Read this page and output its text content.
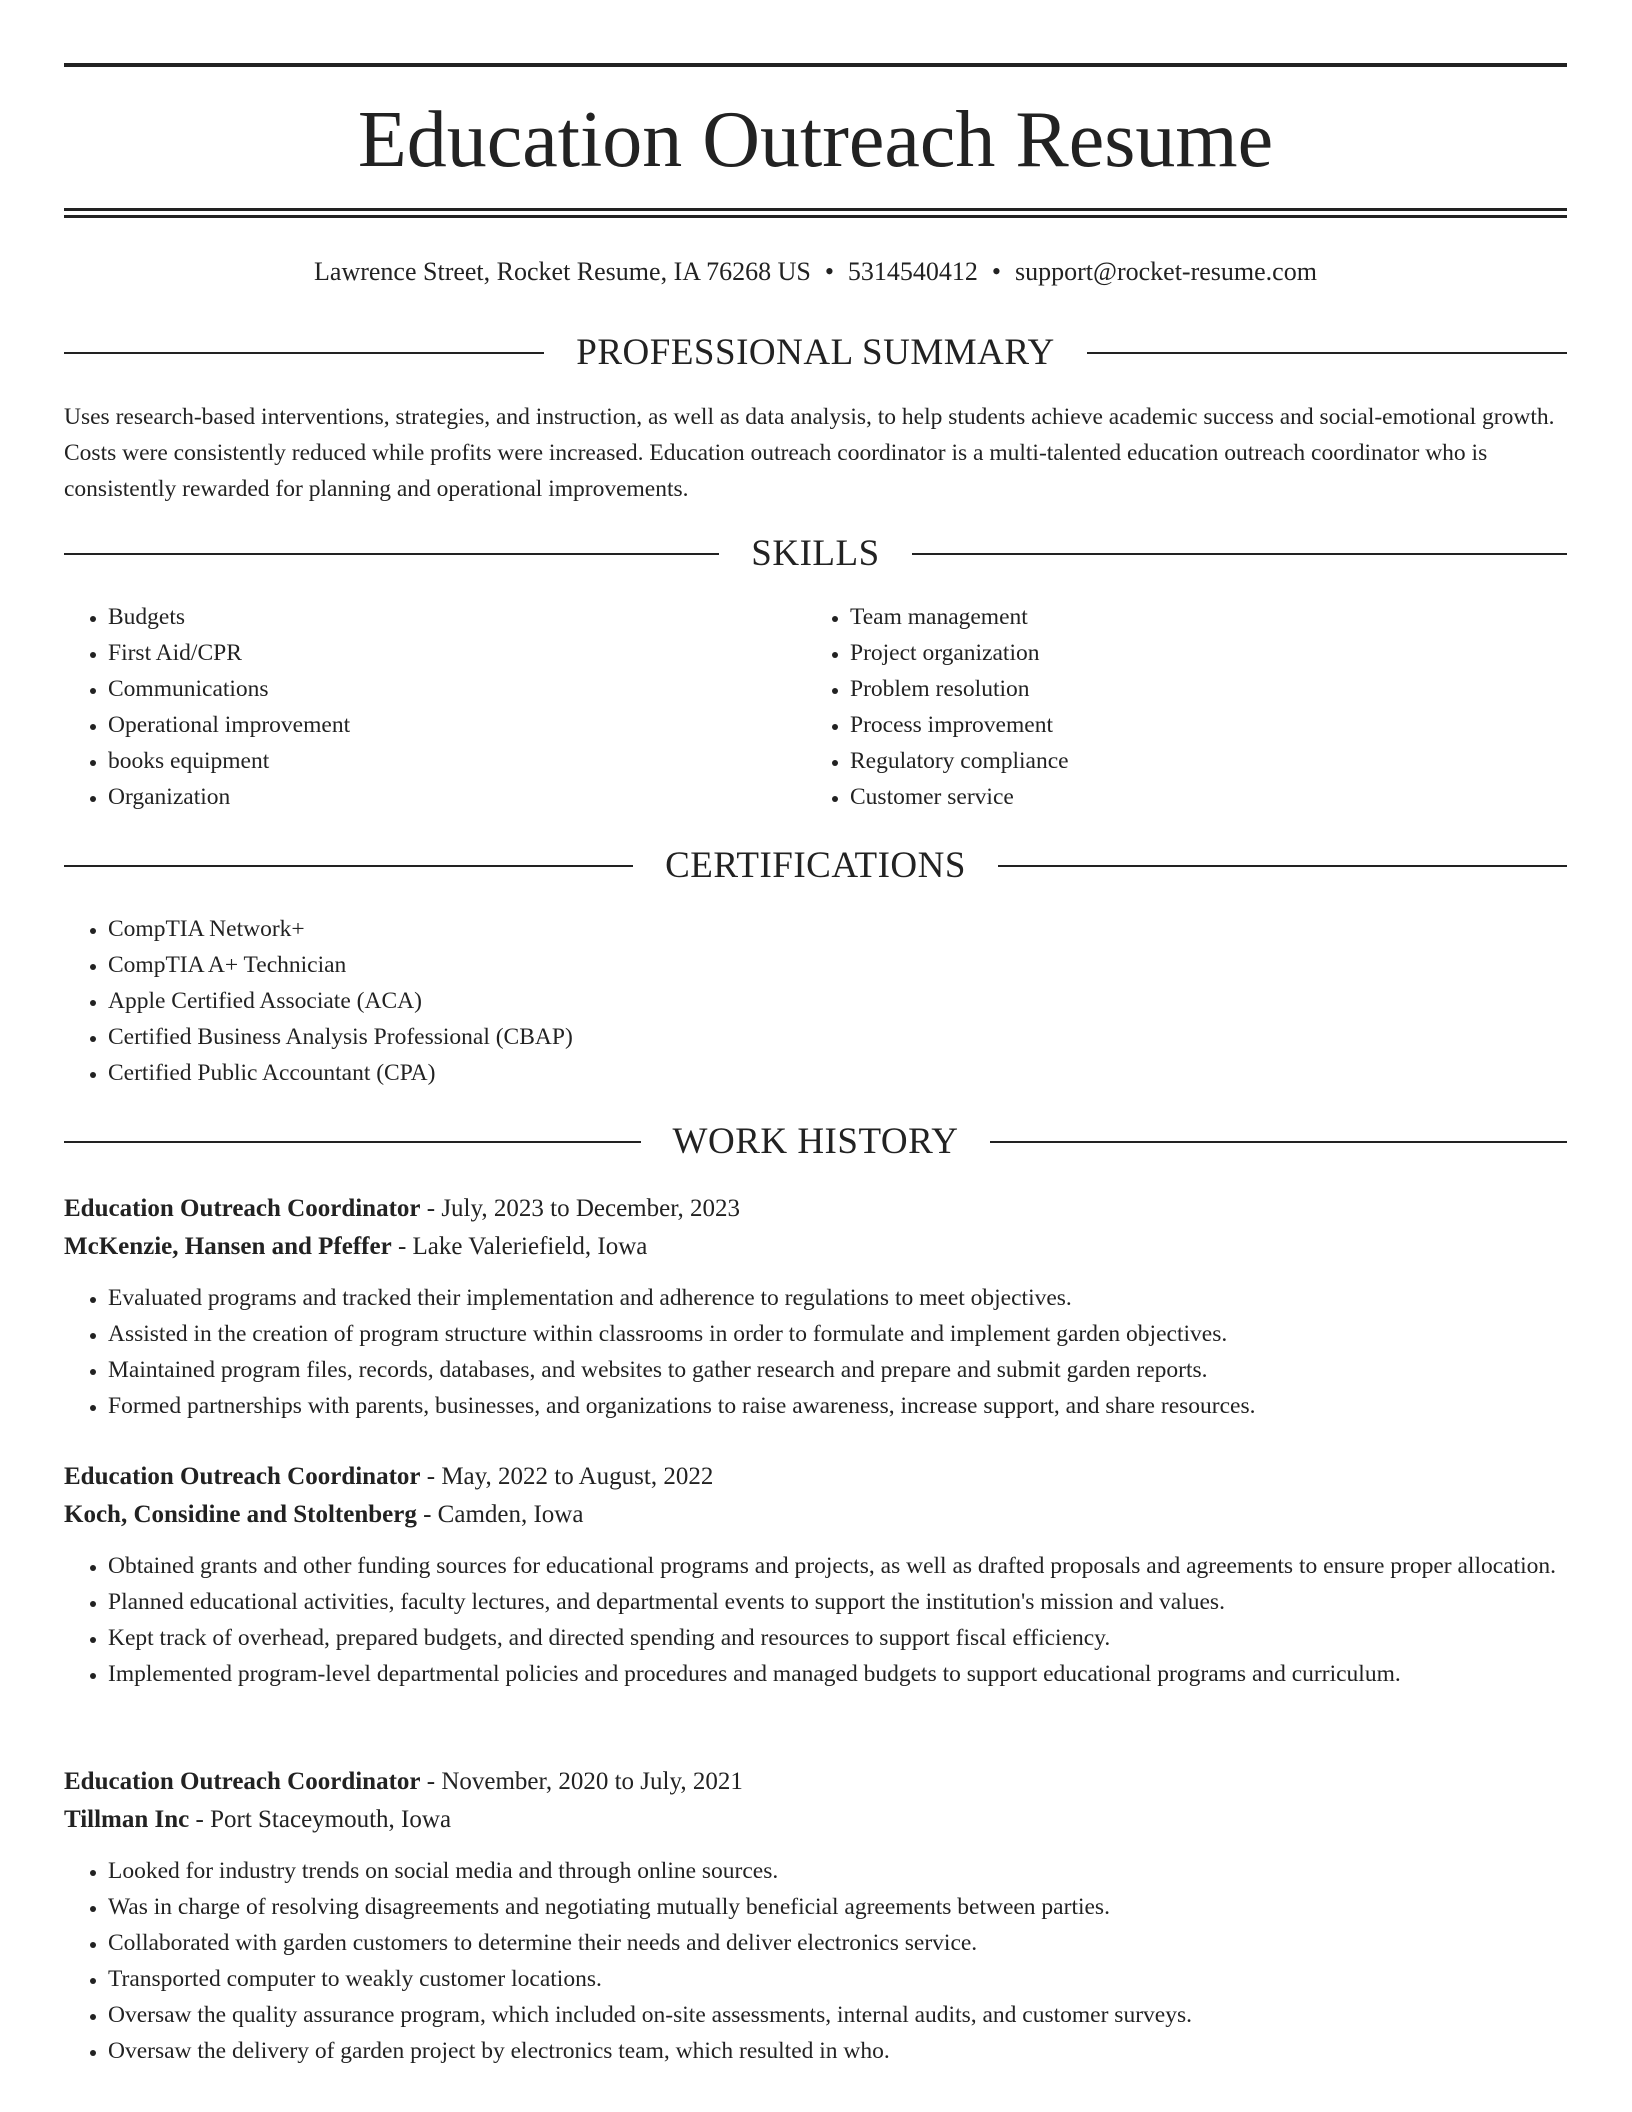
Education Outreach Resume
Lawrence Street, Rocket Resume, IA 76268 US • 5314540412 • support@rocket-resume.com
PROFESSIONAL SUMMARY

Uses research-based interventions, strategies, and instruction, as well as data analysis, to help students achieve academic success and social-emotional growth. Costs were consistently reduced while profits were increased. Education outreach coordinator is a multi-talented education outreach coordinator who is consistently rewarded for planning and operational improvements.

SKILLS
• Budgets
• First Aid/CPR
• Communications
• Operational improvement
• books equipment
• Organization
• Team management
• Project organization
• Problem resolution
• Process improvement
• Regulatory compliance
• Customer service
CERTIFICATIONS
• CompTIA Network+
• CompTIA A+ Technician
• Apple Certified Associate (ACA)
• Certified Business Analysis Professional (CBAP)
• Certified Public Accountant (CPA)
WORK HISTORY
Education Outreach Coordinator - July, 2023 to December, 2023
McKenzie, Hansen and Pfeffer - Lake Valeriefield, Iowa
• Evaluated programs and tracked their implementation and adherence to regulations to meet objectives.
• Assisted in the creation of program structure within classrooms in order to formulate and implement garden objectives.
• Maintained program files, records, databases, and websites to gather research and prepare and submit garden reports.
• Formed partnerships with parents, businesses, and organizations to raise awareness, increase support, and share resources.
Education Outreach Coordinator - May, 2022 to August, 2022
Koch, Considine and Stoltenberg - Camden, Iowa
• Obtained grants and other funding sources for educational programs and projects, as well as drafted proposals and agreements to ensure proper allocation.
• Planned educational activities, faculty lectures, and departmental events to support the institution's mission and values.
• Kept track of overhead, prepared budgets, and directed spending and resources to support fiscal efficiency.
• Implemented program-level departmental policies and procedures and managed budgets to support educational programs and curriculum.
Education Outreach Coordinator - November, 2020 to July, 2021
Tillman Inc - Port Staceymouth, Iowa
• Looked for industry trends on social media and through online sources.
• Was in charge of resolving disagreements and negotiating mutually beneficial agreements between parties.
• Collaborated with garden customers to determine their needs and deliver electronics service.
• Transported computer to weakly customer locations.
• Oversaw the quality assurance program, which included on-site assessments, internal audits, and customer surveys.
• Oversaw the delivery of garden project by electronics team, which resulted in who.
